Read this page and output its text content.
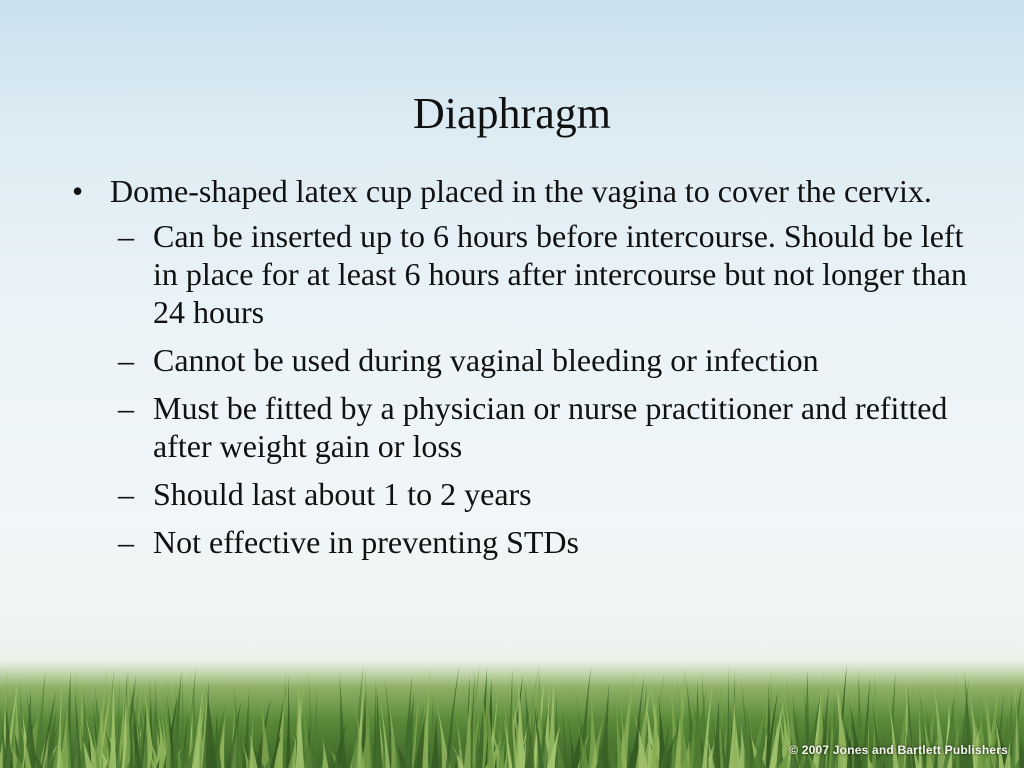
Diaphragm
• Dome-shaped latex cup placed in the vagina to cover the cervix.
– Can be inserted up to 6 hours before intercourse. Should be left in place for at least 6 hours after intercourse but not longer than 24 hours
– Cannot be used during vaginal bleeding or infection
– Must be fitted by a physician or nurse practitioner and refitted after weight gain or loss
– Should last about 1 to 2 years
– Not effective in preventing STDs
© 2007 Jones and Bartlett Publishers
